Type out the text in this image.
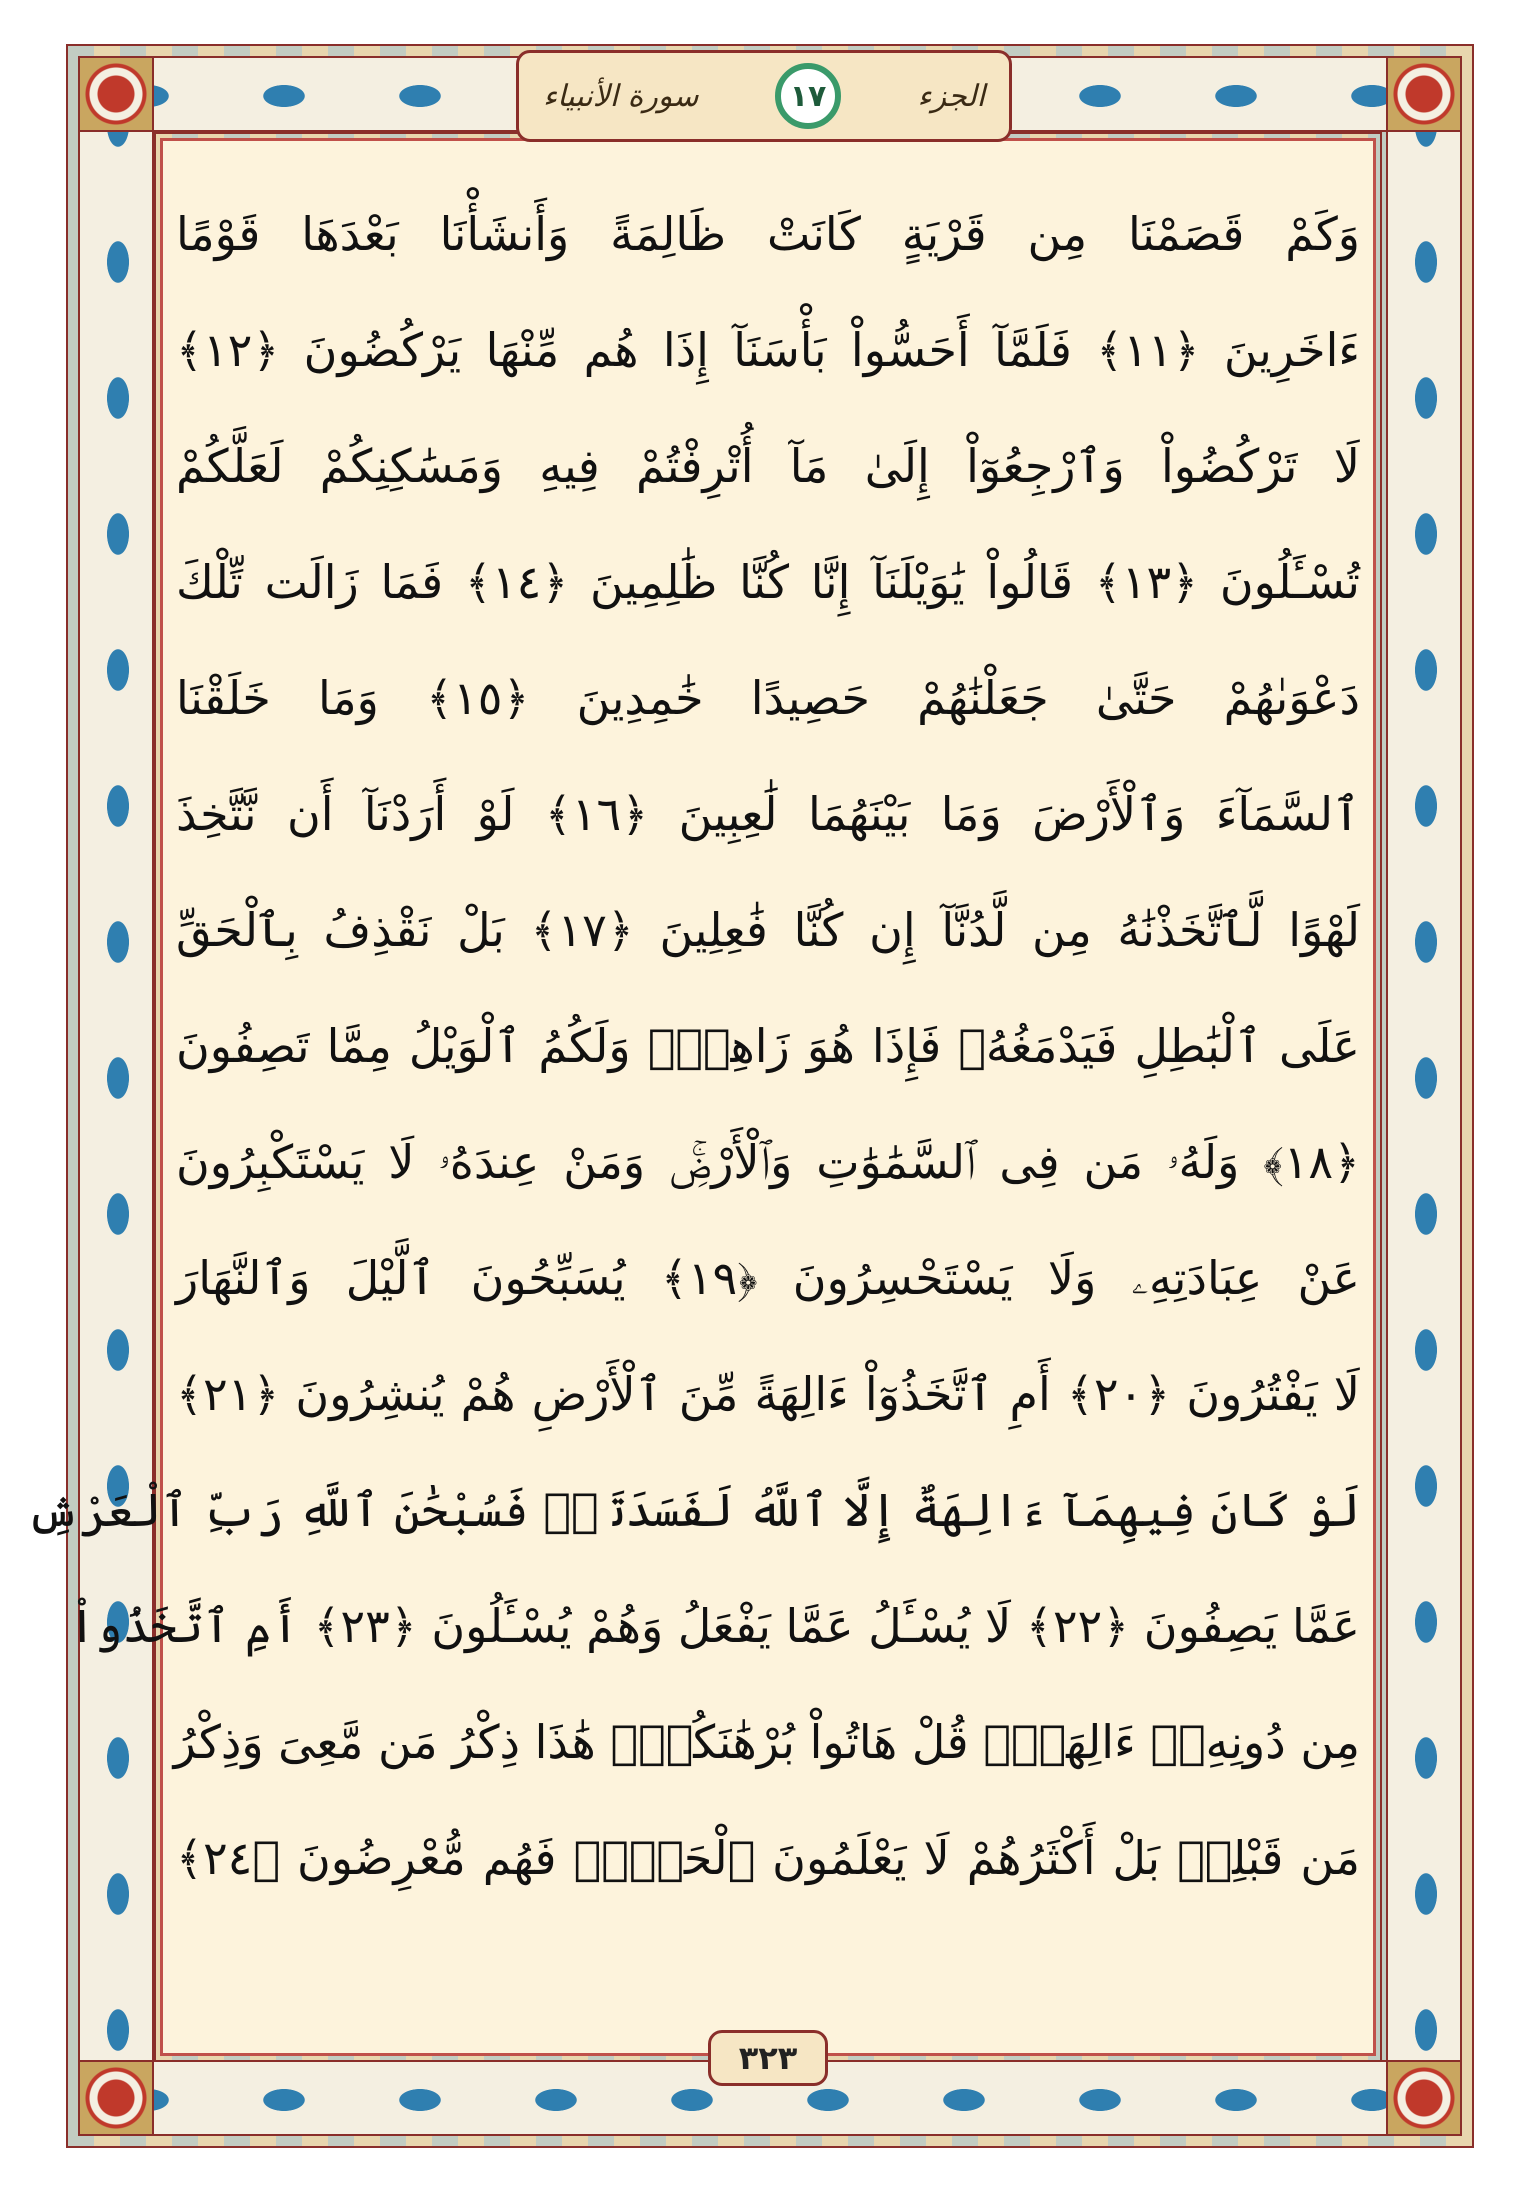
الجزء
١٧
سورة الأنبياء
وَكَمْ قَصَمْنَا مِن قَرْيَةٍ كَانَتْ ظَالِمَةً وَأَنشَأْنَا بَعْدَهَا قَوْمًا
ءَاخَرِينَ ﴿١١﴾ فَلَمَّآ أَحَسُّواْ بَأْسَنَآ إِذَا هُم مِّنْهَا يَرْكُضُونَ ﴿١٢﴾
لَا تَرْكُضُواْ وَٱرْجِعُوٓاْ إِلَىٰ مَآ أُتْرِفْتُمْ فِيهِ وَمَسَٰكِنِكُمْ لَعَلَّكُمْ
تُسْـَٔلُونَ ﴿١٣﴾ قَالُواْ يَٰوَيْلَنَآ إِنَّا كُنَّا ظَٰلِمِينَ ﴿١٤﴾ فَمَا زَالَت تِّلْكَ
دَعْوَىٰهُمْ حَتَّىٰ جَعَلْنَٰهُمْ حَصِيدًا خَٰمِدِينَ ﴿١٥﴾ وَمَا خَلَقْنَا
ٱلسَّمَآءَ وَٱلْأَرْضَ وَمَا بَيْنَهُمَا لَٰعِبِينَ ﴿١٦﴾ لَوْ أَرَدْنَآ أَن نَّتَّخِذَ
لَهْوًا لَّٱتَّخَذْنَٰهُ مِن لَّدُنَّآ إِن كُنَّا فَٰعِلِينَ ﴿١٧﴾ بَلْ نَقْذِفُ بِٱلْحَقِّ
عَلَى ٱلْبَٰطِلِ فَيَدْمَغُهُۥ فَإِذَا هُوَ زَاهِقٌۚ وَلَكُمُ ٱلْوَيْلُ مِمَّا تَصِفُونَ
﴿١٨﴾ وَلَهُۥ مَن فِى ٱلسَّمَٰوَٰتِ وَٱلْأَرْضِۚ وَمَنْ عِندَهُۥ لَا يَسْتَكْبِرُونَ
عَنْ عِبَادَتِهِۦ وَلَا يَسْتَحْسِرُونَ ﴿١٩﴾ يُسَبِّحُونَ ٱلَّيْلَ وَٱلنَّهَارَ
لَا يَفْتُرُونَ ﴿٢٠﴾ أَمِ ٱتَّخَذُوٓاْ ءَالِهَةً مِّنَ ٱلْأَرْضِ هُمْ يُنشِرُونَ ﴿٢١﴾
لَوْ كَانَ فِيهِمَآ ءَالِهَةٌ إِلَّا ٱللَّهُ لَفَسَدَتَاۚ فَسُبْحَٰنَ ٱللَّهِ رَبِّ ٱلْعَرْشِ
عَمَّا يَصِفُونَ ﴿٢٢﴾ لَا يُسْـَٔلُ عَمَّا يَفْعَلُ وَهُمْ يُسْـَٔلُونَ ﴿٢٣﴾ أَمِ ٱتَّخَذُواْ
مِن دُونِهِۦٓ ءَالِهَةًۖ قُلْ هَاتُواْ بُرْهَٰنَكُمْۖ هَٰذَا ذِكْرُ مَن مَّعِىَ وَذِكْرُ
مَن قَبْلِىۗ بَلْ أَكْثَرُهُمْ لَا يَعْلَمُونَ ٱلْحَقَّۖ فَهُم مُّعْرِضُونَ ﴿٢٤﴾
٣٢٣
